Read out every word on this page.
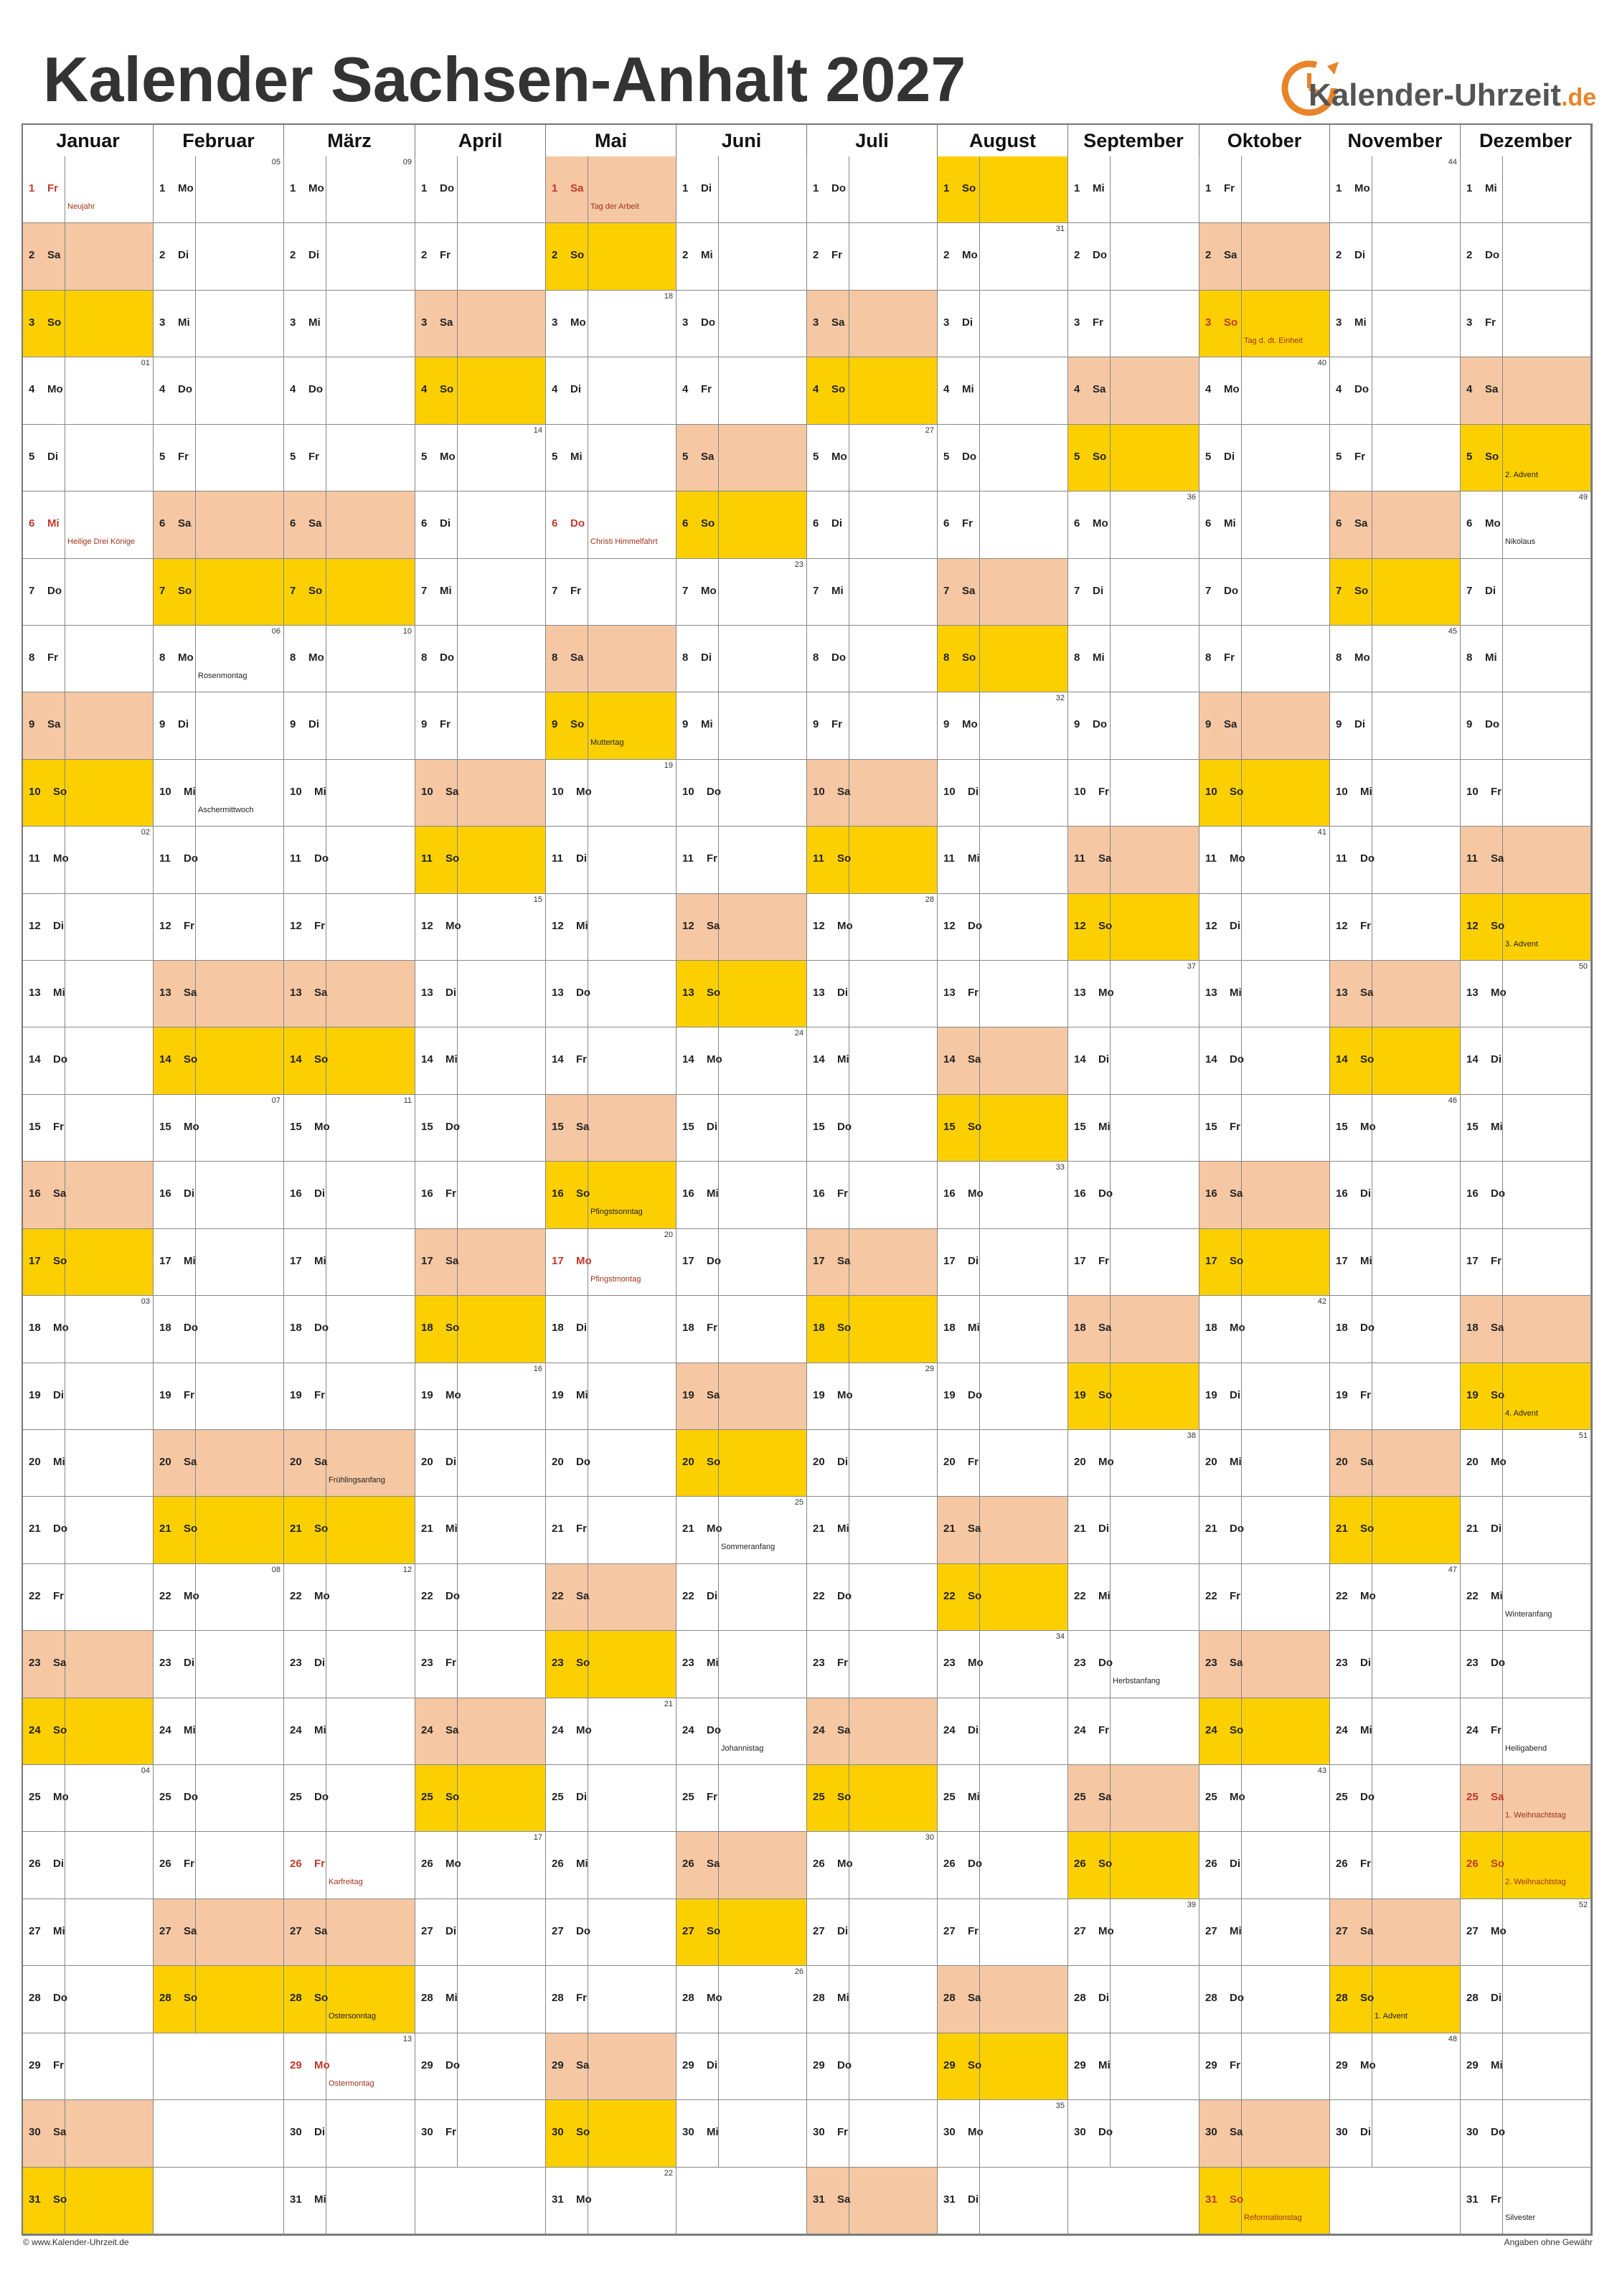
Kalender Sachsen-Anhalt 2027	Kalender-Uhrzeit.de
Januar
1 Fr
Neujahr
2 Sa
3 So
4 Mo
01
5 Di
6 Mi
Heilige Drei Könige
7 Do
8 Fr
9 Sa
10 So
11 Mo
02
12 Di
13 Mi
14 Do
15 Fr
16 Sa
17 So
18 Mo
03
19 Di
20 Mi
21 Do
22 Fr
23 Sa
24 So
25 Mo
04
26 Di
27 Mi
28 Do
29 Fr
30 Sa
31 So
Februar
1 Mo
05
2 Di
3 Mi
4 Do
5 Fr
6 Sa
7 So
8 Mo
06
Rosenmontag
9 Di
10 Mi
Aschermittwoch
11 Do
12 Fr
13 Sa
14 So
15 Mo
07
16 Di
17 Mi
18 Do
19 Fr
20 Sa
21 So
22 Mo
08
23 Di
24 Mi
25 Do
26 Fr
27 Sa
28 So
März
1 Mo
09
2 Di
3 Mi
4 Do
5 Fr
6 Sa
7 So
8 Mo
10
9 Di
10 Mi
11 Do
12 Fr
13 Sa
14 So
15 Mo
11
16 Di
17 Mi
18 Do
19 Fr
20 Sa
Frühlingsanfang
21 So
22 Mo
12
23 Di
24 Mi
25 Do
26 Fr
Karfreitag
27 Sa
28 So
Ostersonntag
29 Mo
13
Ostermontag
30 Di
31 Mi
April
1 Do
2 Fr
3 Sa
4 So
5 Mo
14
6 Di
7 Mi
8 Do
9 Fr
10 Sa
11 So
12 Mo
15
13 Di
14 Mi
15 Do
16 Fr
17 Sa
18 So
19 Mo
16
20 Di
21 Mi
22 Do
23 Fr
24 Sa
25 So
26 Mo
17
27 Di
28 Mi
29 Do
30 Fr
Mai
1 Sa
Tag der Arbeit
2 So
3 Mo
18
4 Di
5 Mi
6 Do
Christi Himmelfahrt
7 Fr
8 Sa
9 So
Muttertag
10 Mo
19
11 Di
12 Mi
13 Do
14 Fr
15 Sa
16 So
Pfingstsonntag
17 Mo
20
Pfingstmontag
18 Di
19 Mi
20 Do
21 Fr
22 Sa
23 So
24 Mo
21
25 Di
26 Mi
27 Do
28 Fr
29 Sa
30 So
31 Mo
22
Juni
1 Di
2 Mi
3 Do
4 Fr
5 Sa
6 So
7 Mo
23
8 Di
9 Mi
10 Do
11 Fr
12 Sa
13 So
14 Mo
24
15 Di
16 Mi
17 Do
18 Fr
19 Sa
20 So
21 Mo
25
Sommeranfang
22 Di
23 Mi
24 Do
Johannistag
25 Fr
26 Sa
27 So
28 Mo
26
29 Di
30 Mi
Juli
1 Do
2 Fr
3 Sa
4 So
5 Mo
27
6 Di
7 Mi
8 Do
9 Fr
10 Sa
11 So
12 Mo
28
13 Di
14 Mi
15 Do
16 Fr
17 Sa
18 So
19 Mo
29
20 Di
21 Mi
22 Do
23 Fr
24 Sa
25 So
26 Mo
30
27 Di
28 Mi
29 Do
30 Fr
31 Sa
August
1 So
2 Mo
31
3 Di
4 Mi
5 Do
6 Fr
7 Sa
8 So
9 Mo
32
10 Di
11 Mi
12 Do
13 Fr
14 Sa
15 So
16 Mo
33
17 Di
18 Mi
19 Do
20 Fr
21 Sa
22 So
23 Mo
34
24 Di
25 Mi
26 Do
27 Fr
28 Sa
29 So
30 Mo
35
31 Di
September
1 Mi
2 Do
3 Fr
4 Sa
5 So
6 Mo
36
7 Di
8 Mi
9 Do
10 Fr
11 Sa
12 So
13 Mo
37
14 Di
15 Mi
16 Do
17 Fr
18 Sa
19 So
20 Mo
38
21 Di
22 Mi
23 Do
Herbstanfang
24 Fr
25 Sa
26 So
27 Mo
39
28 Di
29 Mi
30 Do
Oktober
1 Fr
2 Sa
3 So
Tag d. dt. Einheit
4 Mo
40
5 Di
6 Mi
7 Do
8 Fr
9 Sa
10 So
11 Mo
41
12 Di
13 Mi
14 Do
15 Fr
16 Sa
17 So
18 Mo
42
19 Di
20 Mi
21 Do
22 Fr
23 Sa
24 So
25 Mo
43
26 Di
27 Mi
28 Do
29 Fr
30 Sa
31 So
Reformationstag
November
1 Mo
44
2 Di
3 Mi
4 Do
5 Fr
6 Sa
7 So
8 Mo
45
9 Di
10 Mi
11 Do
12 Fr
13 Sa
14 So
15 Mo
46
16 Di
17 Mi
18 Do
19 Fr
20 Sa
21 So
22 Mo
47
23 Di
24 Mi
25 Do
26 Fr
27 Sa
28 So
1. Advent
29 Mo
48
30 Di
Dezember
1 Mi
2 Do
3 Fr
4 Sa
5 So
2. Advent
6 Mo
49
Nikolaus
7 Di
8 Mi
9 Do
10 Fr
11 Sa
12 So
3. Advent
13 Mo
50
14 Di
15 Mi
16 Do
17 Fr
18 Sa
19 So
4. Advent
20 Mo
51
21 Di
22 Mi
Winteranfang
23 Do
24 Fr
Heiligabend
25 Sa
1. Weihnachtstag
26 So
2. Weihnachtstag
27 Mo
52
28 Di
29 Mi
30 Do
31 Fr
Silvester
© www.Kalender-Uhrzeit.de	Angaben ohne Gewähr
